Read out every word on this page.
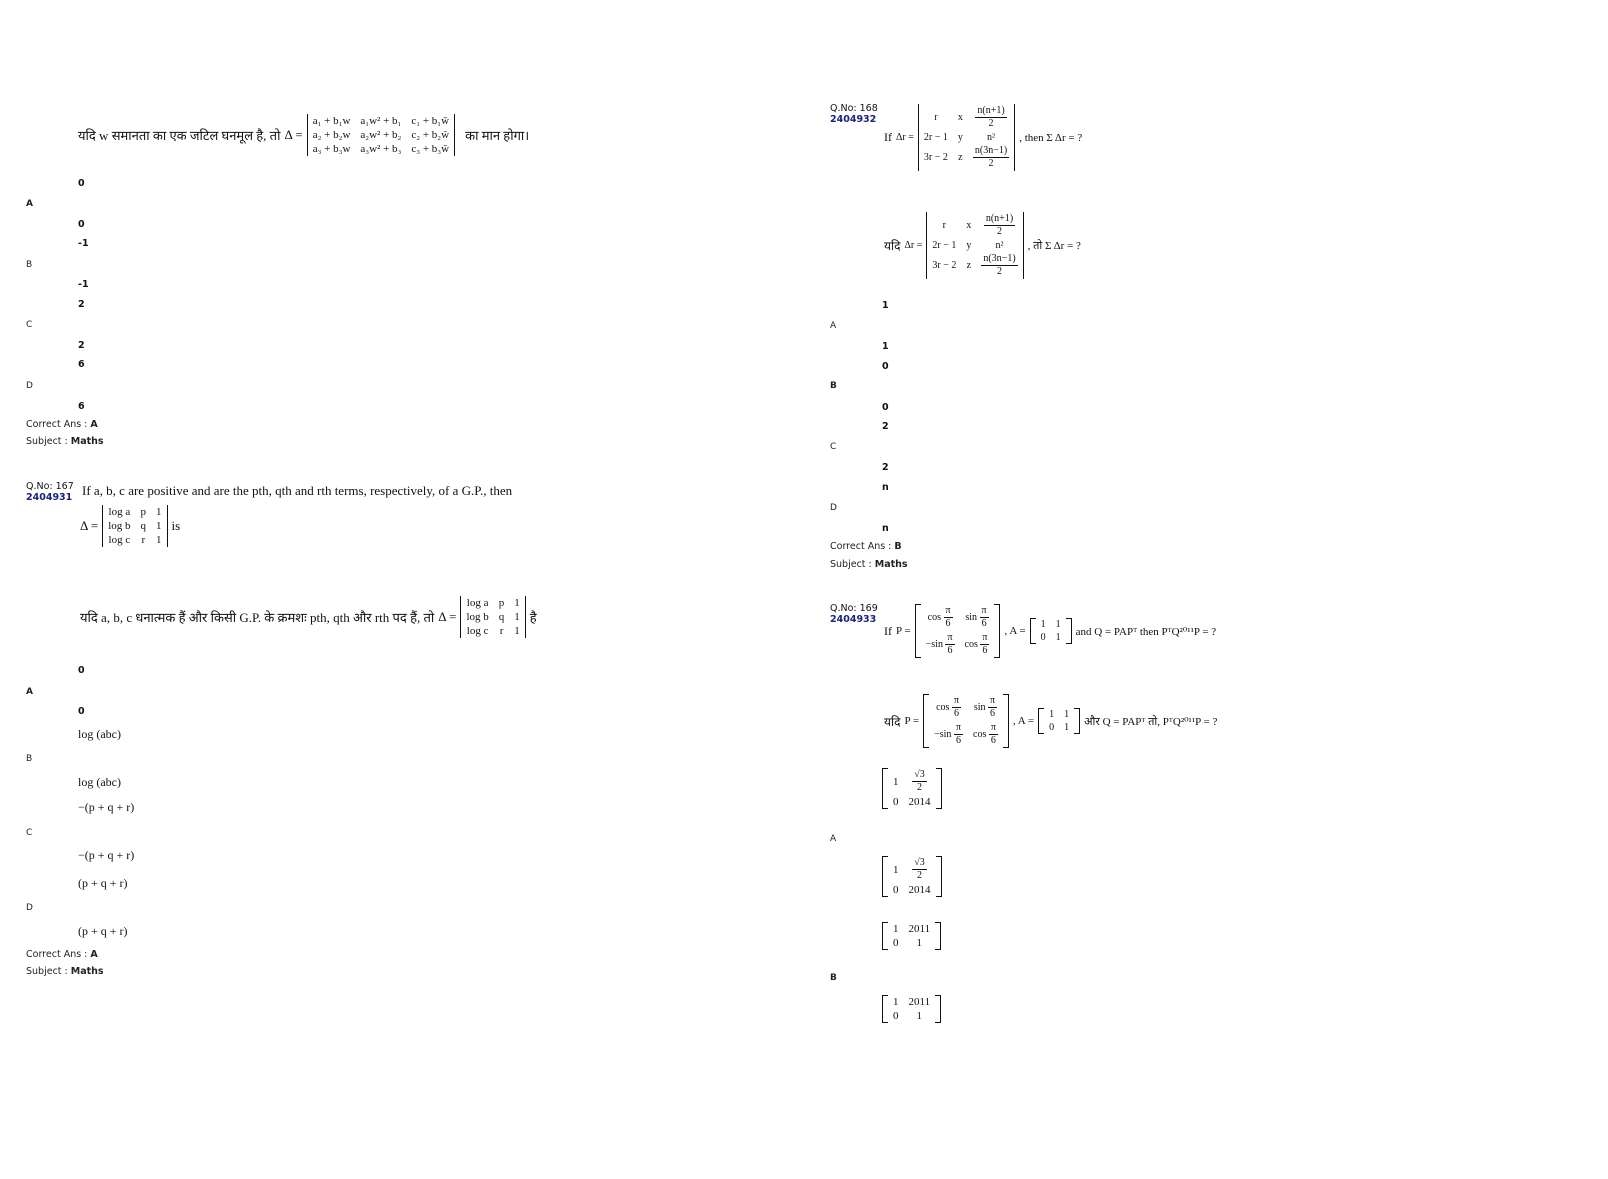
यदि w समानता का एक जटिल घनमूल है, तो Δ =
a₁ + b₁w	a₁w² + b₁	c₁ + b₁w̄
a₂ + b₂w	a₂w² + b₂	c₂ + b₂w̄
a₃ + b₃w	a₃w² + b₃	c₃ + b₃w̄
का मान होगा।
0
A
0
-1
B
-1
2
C
2
6
D
6
Correct Ans : A
Subject : Maths
Q.No: 167
2404931 If a, b, c are positive and are the pth, qth and rth terms, respectively, of a G.P., then
Δ =
log a	p	1
log b	q	1
log c	r	1
is
यदि a, b, c धनात्मक हैं और किसी G.P. के क्रमशः pth, qth और rth पद हैं, तो Δ =
log a	p	1
log b	q	1
log c	r	1
है
0
A
0
log (abc)
B
log (abc)
−(p + q + r)
C
−(p + q + r)
(p + q + r)
D
(p + q + r)
Correct Ans : A
Subject : Maths
Q.No: 168
2404932
If Δr =
r	x	$\frac{n(n+1)}{2}$

2r − 1	y	n²
3r − 2	z	$\frac{n(3n-1)}{2}$
, then Σ Δr = ?
यदि Δr =
r	x	$\frac{n(n+1)}{2}$

2r − 1	y	n²
3r − 2	z	$\frac{n(3n-1)}{2}$
, तो Σ Δr = ?
1
A
1
0
B
0
2
C
2
n
D
n
Correct Ans : B
Subject : Maths
Q.No: 169
2404933
If P =
$\cos \frac{\pi}{6}$	$\sin \frac{\pi}{6}$

$-\sin \frac{\pi}{6}$	$\cos \frac{\pi}{6}$
, A =
1	1
0	1 and Q = PAPᵀ then PᵀQ²⁰¹¹P = ?
यदि P =
$\cos \frac{\pi}{6}$	$\sin \frac{\pi}{6}$

$-\sin \frac{\pi}{6}$	$\cos \frac{\pi}{6}$
, A =
1	1
0	1 और Q = PAPᵀ तो, PᵀQ²⁰¹¹P = ?
1	$\frac{√3}{2}$

0	2014
A
1	$\frac{√3}{2}$

0	2014
1	2011
0	1
B
1	2011
0	1
